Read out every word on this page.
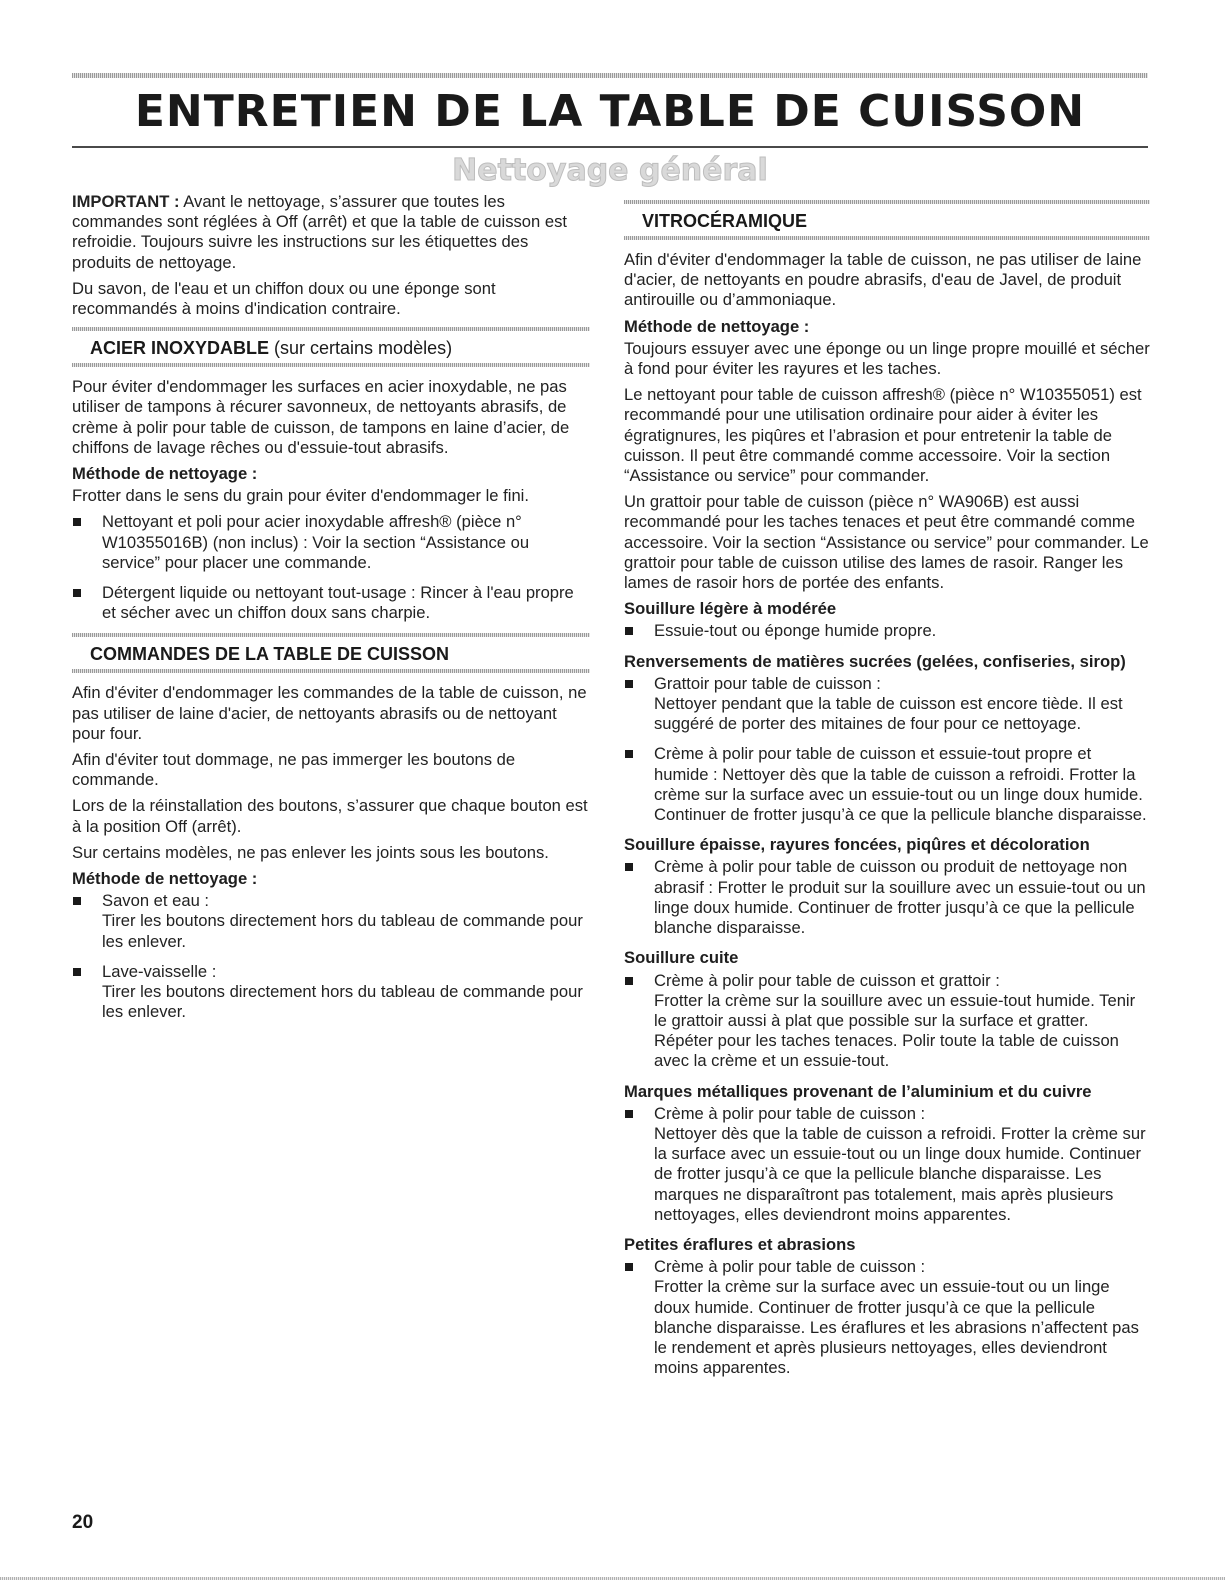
ENTRETIEN DE LA TABLE DE CUISSON
Nettoyage général

IMPORTANT : Avant le nettoyage, s’assurer que toutes les commandes sont réglées à Off (arrêt) et que la table de cuisson est refroidie. Toujours suivre les instructions sur les étiquettes des produits de nettoyage.

Du savon, de l'eau et un chiffon doux ou une éponge sont recommandés à moins d'indication contraire.

ACIER INOXYDABLE (sur certains modèles)

Pour éviter d'endommager les surfaces en acier inoxydable, ne pas utiliser de tampons à récurer savonneux, de nettoyants abrasifs, de crème à polir pour table de cuisson, de tampons en laine d’acier, de chiffons de lavage rêches ou d'essuie-tout abrasifs.

Méthode de nettoyage :

Frotter dans le sens du grain pour éviter d'endommager le fini.

Nettoyant et poli pour acier inoxydable affresh® (pièce n° W10355016B) (non inclus) : Voir la section “Assistance ou service” pour placer une commande.
Détergent liquide ou nettoyant tout-usage : Rincer à l'eau propre et sécher avec un chiffon doux sans charpie.
COMMANDES DE LA TABLE DE CUISSON

Afin d'éviter d'endommager les commandes de la table de cuisson, ne pas utiliser de laine d'acier, de nettoyants abrasifs ou de nettoyant pour four.

Afin d'éviter tout dommage, ne pas immerger les boutons de commande.

Lors de la réinstallation des boutons, s’assurer que chaque bouton est à la position Off (arrêt).

Sur certains modèles, ne pas enlever les joints sous les boutons.

Méthode de nettoyage :
Savon et eau :
Tirer les boutons directement hors du tableau de commande pour les enlever.
Lave-vaisselle :
Tirer les boutons directement hors du tableau de commande pour les enlever.
VITROCÉRAMIQUE

Afin d'éviter d'endommager la table de cuisson, ne pas utiliser de laine d'acier, de nettoyants en poudre abrasifs, d'eau de Javel, de produit antirouille ou d’ammoniaque.

Méthode de nettoyage :

Toujours essuyer avec une éponge ou un linge propre mouillé et sécher à fond pour éviter les rayures et les taches.

Le nettoyant pour table de cuisson affresh® (pièce n° W10355051) est recommandé pour une utilisation ordinaire pour aider à éviter les égratignures, les piqûres et l’abrasion et pour entretenir la table de cuisson. Il peut être commandé comme accessoire. Voir la section “Assistance ou service” pour commander.

Un grattoir pour table de cuisson (pièce n° WA906B) est aussi recommandé pour les taches tenaces et peut être commandé comme accessoire. Voir la section “Assistance ou service” pour commander. Le grattoir pour table de cuisson utilise des lames de rasoir. Ranger les lames de rasoir hors de portée des enfants.

Souillure légère à modérée
Essuie-tout ou éponge humide propre.
Renversements de matières sucrées (gelées, confiseries, sirop)
Grattoir pour table de cuisson :
Nettoyer pendant que la table de cuisson est encore tiède. Il est suggéré de porter des mitaines de four pour ce nettoyage.
Crème à polir pour table de cuisson et essuie-tout propre et humide : Nettoyer dès que la table de cuisson a refroidi. Frotter la crème sur la surface avec un essuie-tout ou un linge doux humide. Continuer de frotter jusqu’à ce que la pellicule blanche disparaisse.
Souillure épaisse, rayures foncées, piqûres et décoloration
Crème à polir pour table de cuisson ou produit de nettoyage non abrasif : Frotter le produit sur la souillure avec un essuie-tout ou un linge doux humide. Continuer de frotter jusqu’à ce que la pellicule blanche disparaisse.
Souillure cuite
Crème à polir pour table de cuisson et grattoir :
Frotter la crème sur la souillure avec un essuie-tout humide. Tenir le grattoir aussi à plat que possible sur la surface et gratter. Répéter pour les taches tenaces. Polir toute la table de cuisson avec la crème et un essuie-tout.
Marques métalliques provenant de l’aluminium et du cuivre
Crème à polir pour table de cuisson :
Nettoyer dès que la table de cuisson a refroidi. Frotter la crème sur la surface avec un essuie-tout ou un linge doux humide. Continuer de frotter jusqu’à ce que la pellicule blanche disparaisse. Les marques ne disparaîtront pas totalement, mais après plusieurs nettoyages, elles deviendront moins apparentes.
Petites éraflures et abrasions
Crème à polir pour table de cuisson :
Frotter la crème sur la surface avec un essuie-tout ou un linge doux humide. Continuer de frotter jusqu’à ce que la pellicule blanche disparaisse. Les éraflures et les abrasions n’affectent pas le rendement et après plusieurs nettoyages, elles deviendront moins apparentes.
20
